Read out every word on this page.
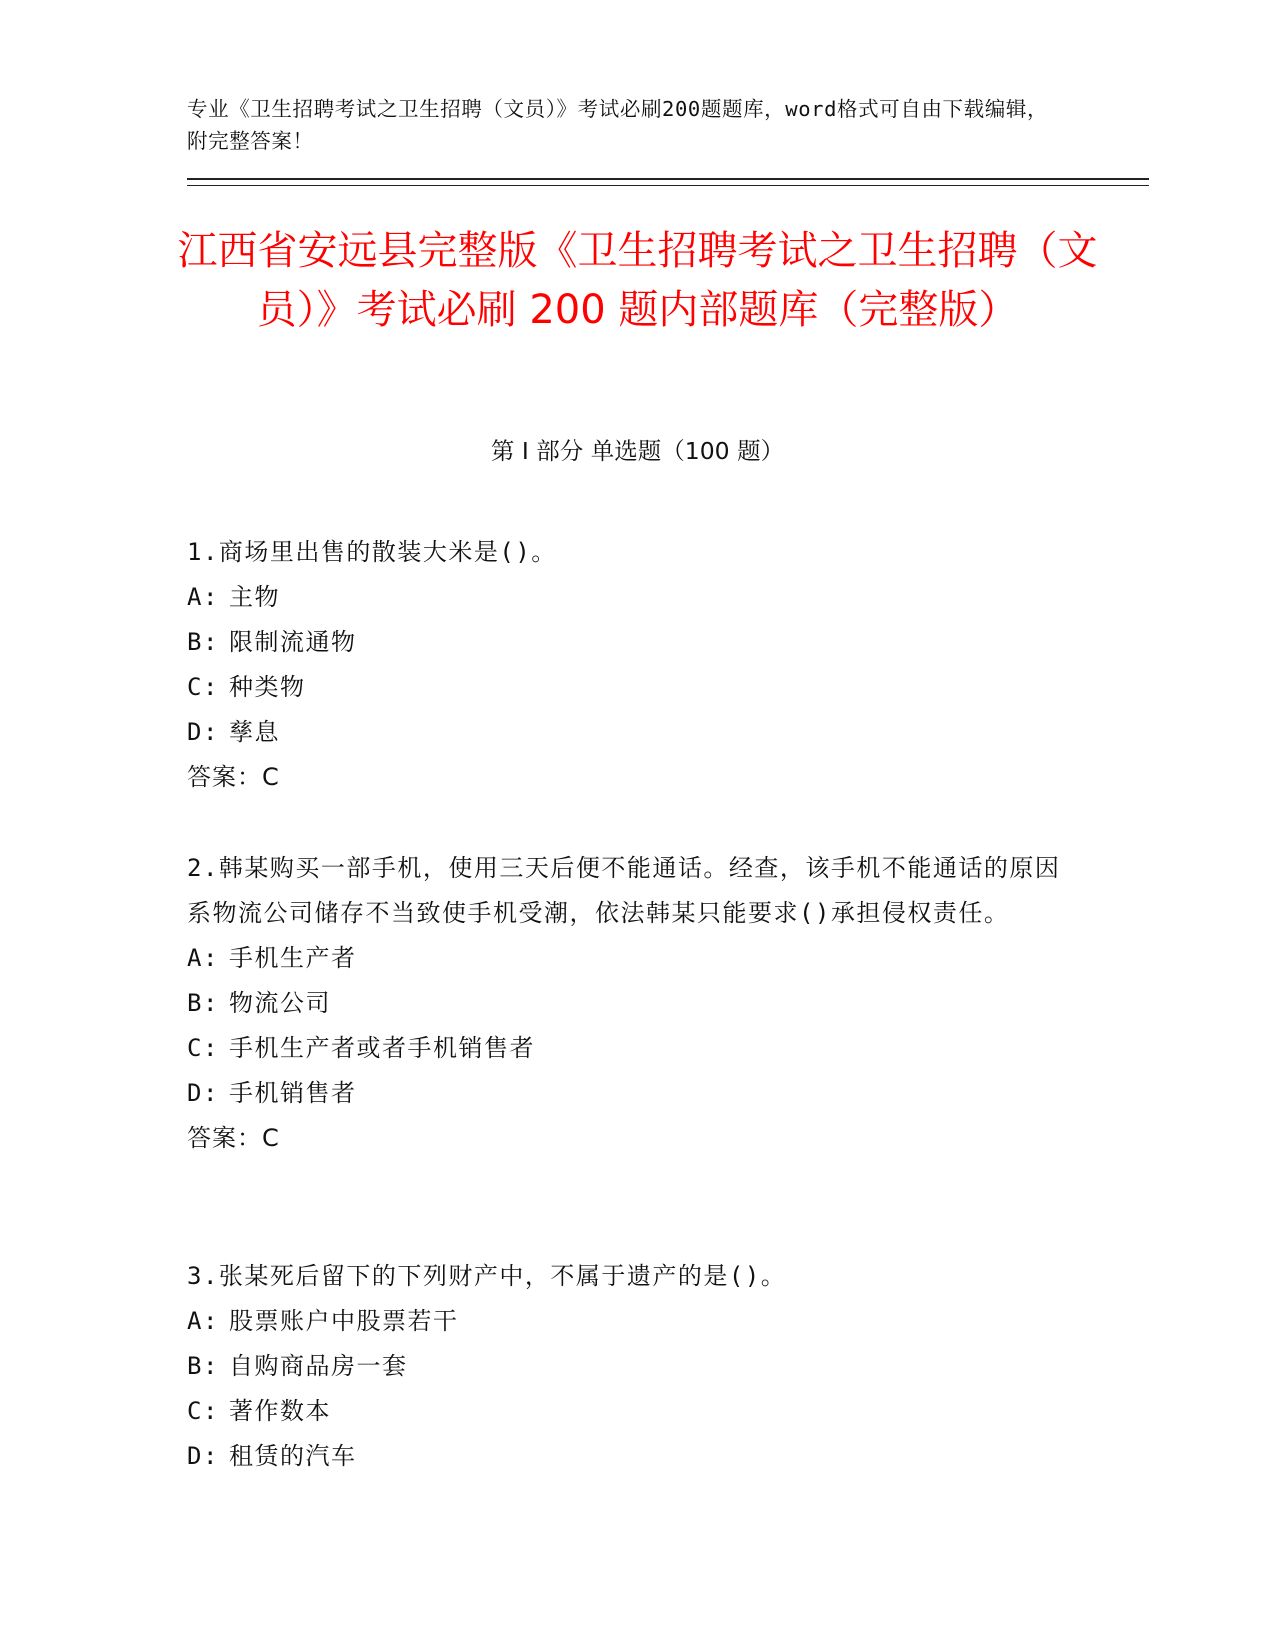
专业《卫生招聘考试之卫生招聘（文员）》考试必刷200题题库，word格式可自由下载编辑，附完整答案！

江西省安远县完整版《卫生招聘考试之卫生招聘（文员）》考试必刷 200 题内部题库（完整版）
第 I 部分 单选题（100 题）

1.商场里出售的散装大米是()。

A: 主物
B: 限制流通物
C: 种类物
D: 孳息

答案：C

2.韩某购买一部手机，使用三天后便不能通话。经查，该手机不能通话的原因系物流公司储存不当致使手机受潮，依法韩某只能要求()承担侵权责任。

A: 手机生产者
B: 物流公司
C: 手机生产者或者手机销售者
D: 手机销售者

答案：C

3.张某死后留下的下列财产中，不属于遗产的是()。

A: 股票账户中股票若干
B: 自购商品房一套
C: 著作数本
D: 租赁的汽车
